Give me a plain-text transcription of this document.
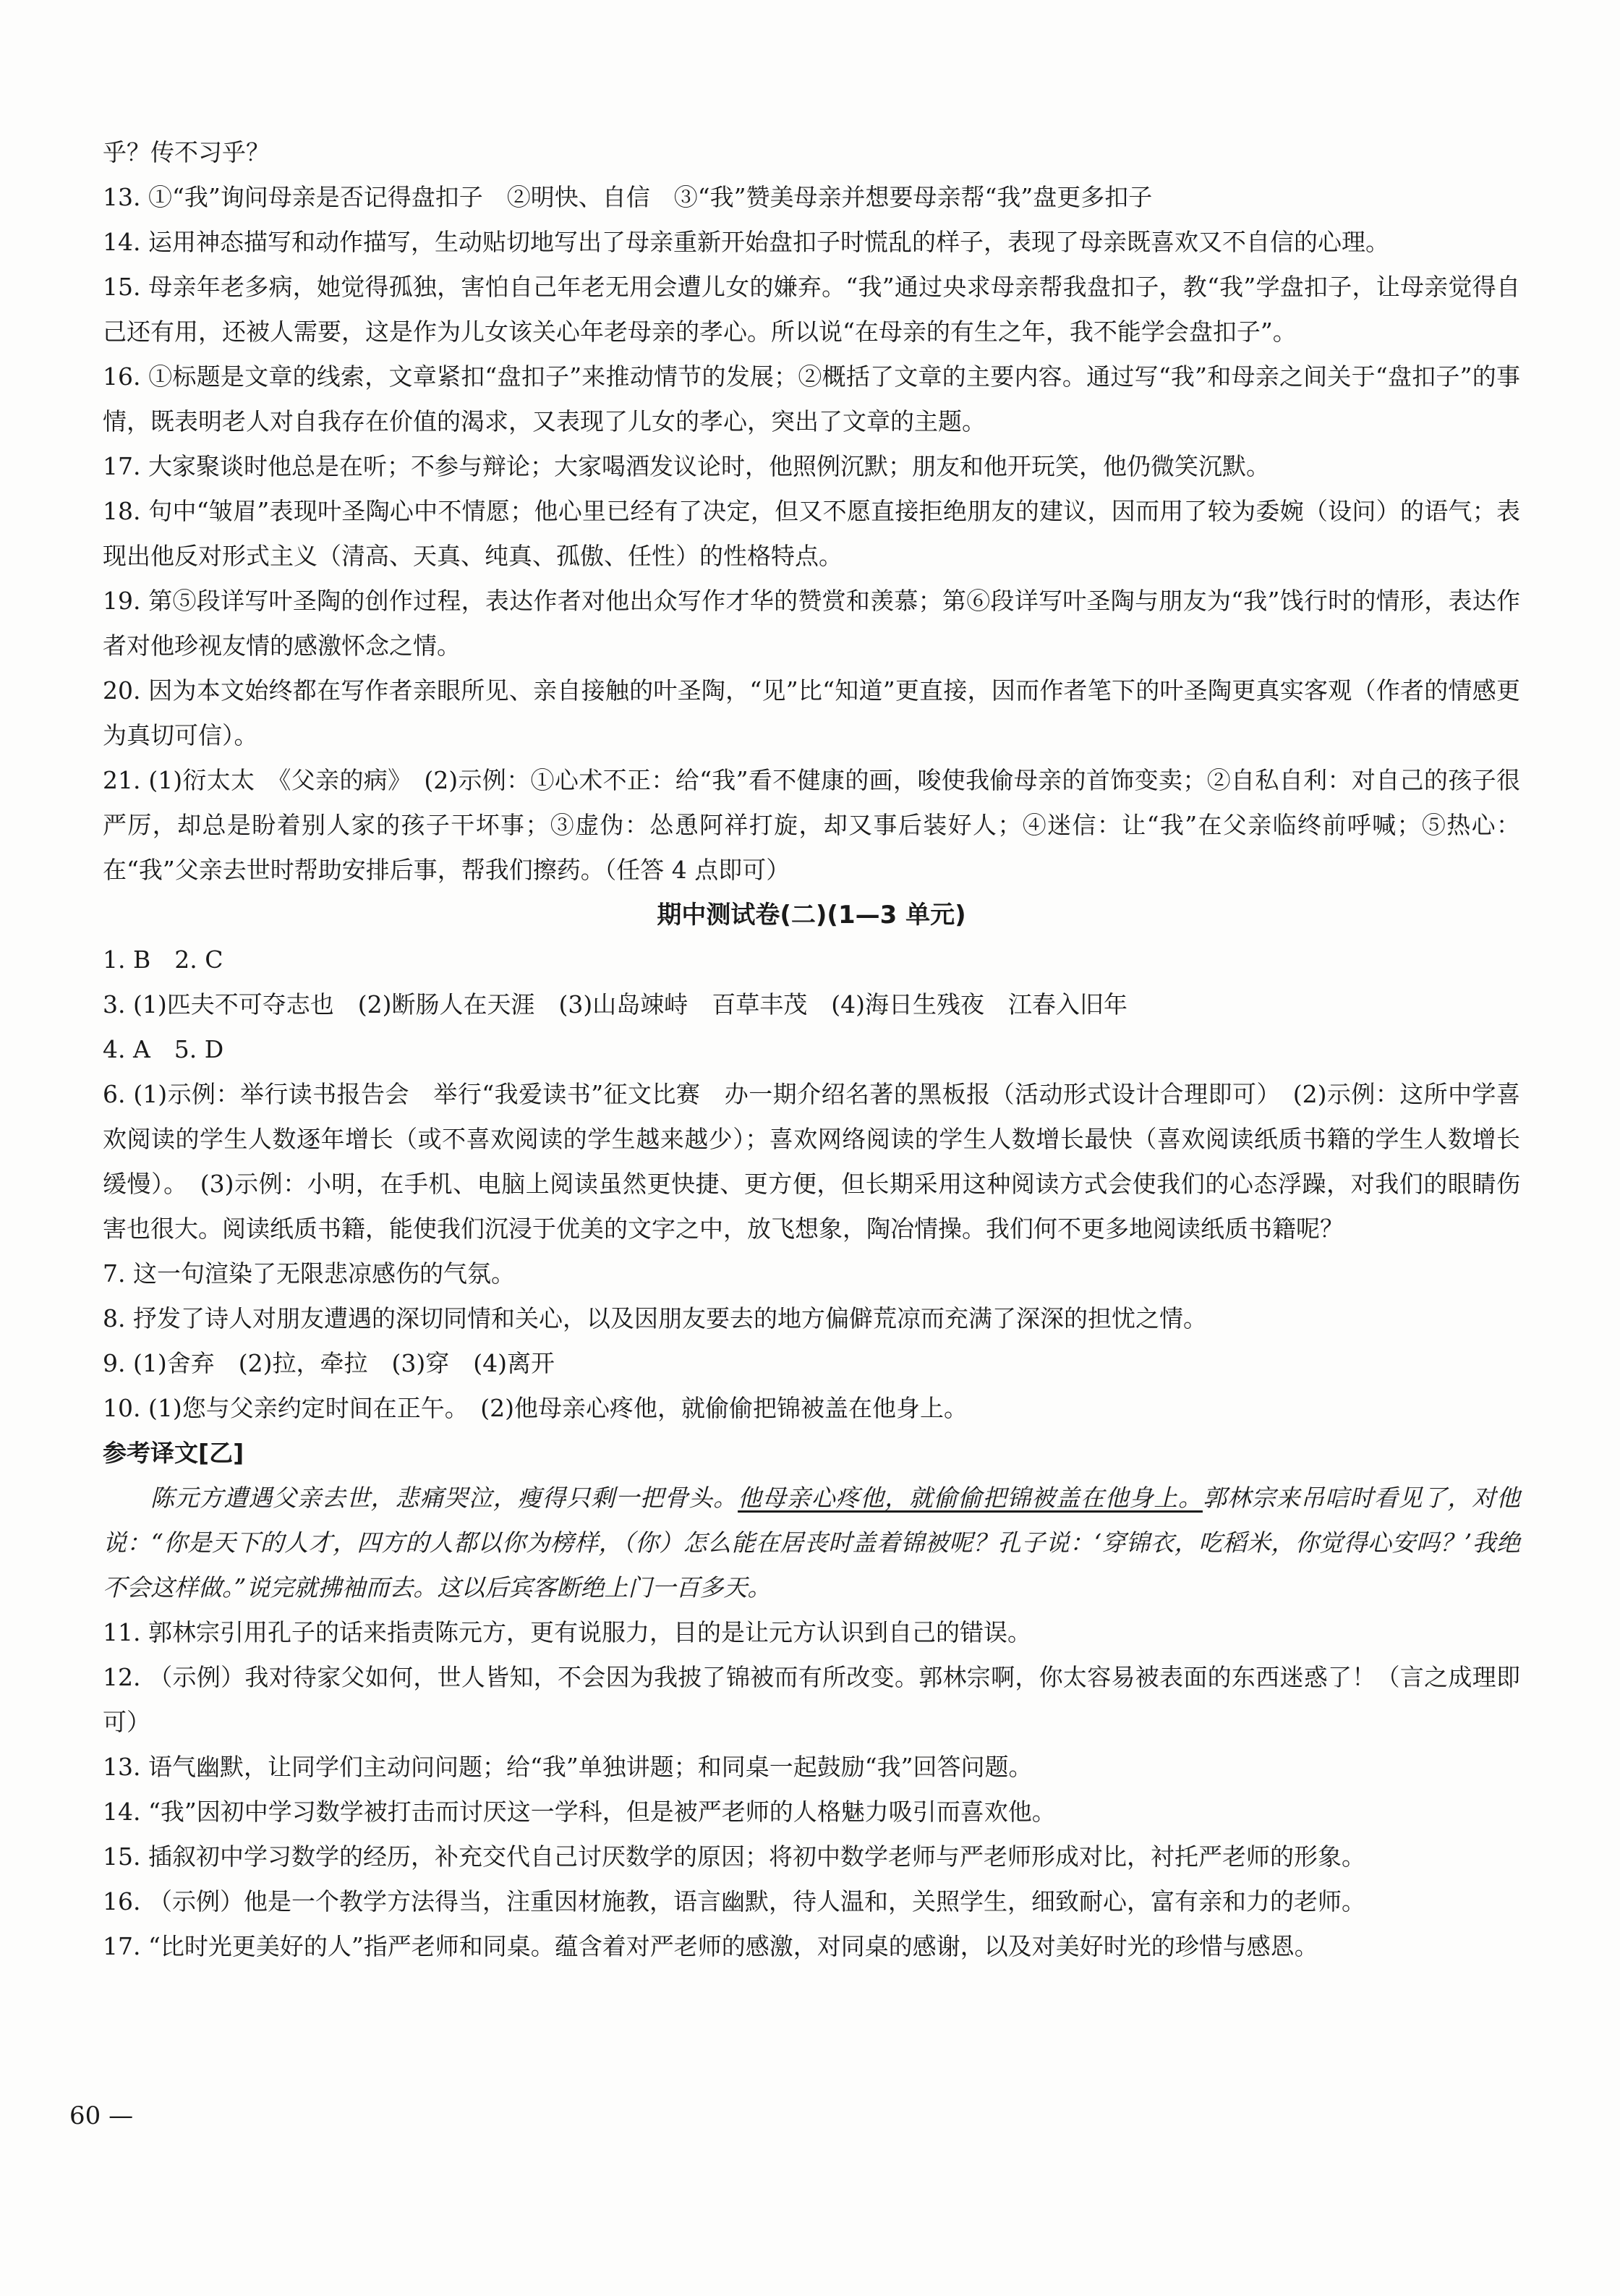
乎？传不习乎？

13. ①“我”询问母亲是否记得盘扣子　②明快、自信　③“我”赞美母亲并想要母亲帮“我”盘更多扣子

14. 运用神态描写和动作描写，生动贴切地写出了母亲重新开始盘扣子时慌乱的样子，表现了母亲既喜欢又不自信的心理。

15. 母亲年老多病，她觉得孤独，害怕自己年老无用会遭儿女的嫌弃。“我”通过央求母亲帮我盘扣子，教“我”学盘扣子，让母亲觉得自己还有用，还被人需要，这是作为儿女该关心年老母亲的孝心。所以说“在母亲的有生之年，我不能学会盘扣子”。

16. ①标题是文章的线索，文章紧扣“盘扣子”来推动情节的发展；②概括了文章的主要内容。通过写“我”和母亲之间关于“盘扣子”的事情，既表明老人对自我存在价值的渴求，又表现了儿女的孝心，突出了文章的主题。

17. 大家聚谈时他总是在听；不参与辩论；大家喝酒发议论时，他照例沉默；朋友和他开玩笑，他仍微笑沉默。

18. 句中“皱眉”表现叶圣陶心中不情愿；他心里已经有了决定，但又不愿直接拒绝朋友的建议，因而用了较为委婉（设问）的语气；表现出他反对形式主义（清高、天真、纯真、孤傲、任性）的性格特点。

19. 第⑤段详写叶圣陶的创作过程，表达作者对他出众写作才华的赞赏和羡慕；第⑥段详写叶圣陶与朋友为“我”饯行时的情形，表达作者对他珍视友情的感激怀念之情。

20. 因为本文始终都在写作者亲眼所见、亲自接触的叶圣陶，“见”比“知道”更直接，因而作者笔下的叶圣陶更真实客观（作者的情感更为真切可信）。

21. (1)衍太太　《父亲的病》　(2)示例：①心术不正：给“我”看不健康的画，唆使我偷母亲的首饰变卖；②自私自利：对自己的孩子很严厉，却总是盼着别人家的孩子干坏事；③虚伪：怂恿阿祥打旋，却又事后装好人；④迷信：让“我”在父亲临终前呼喊；⑤热心：在“我”父亲去世时帮助安排后事，帮我们擦药。（任答 4 点即可）

期中测试卷(二)(1—3 单元)

1. B　2. C

3. (1)匹夫不可夺志也　(2)断肠人在天涯　(3)山岛竦峙　百草丰茂　(4)海日生残夜　江春入旧年

4. A　5. D

6. (1)示例：举行读书报告会　举行“我爱读书”征文比赛　办一期介绍名著的黑板报（活动形式设计合理即可）　(2)示例：这所中学喜欢阅读的学生人数逐年增长（或不喜欢阅读的学生越来越少）；喜欢网络阅读的学生人数增长最快（喜欢阅读纸质书籍的学生人数增长缓慢）。　(3)示例：小明，在手机、电脑上阅读虽然更快捷、更方便，但长期采用这种阅读方式会使我们的心态浮躁，对我们的眼睛伤害也很大。阅读纸质书籍，能使我们沉浸于优美的文字之中，放飞想象，陶冶情操。我们何不更多地阅读纸质书籍呢？

7. 这一句渲染了无限悲凉感伤的气氛。

8. 抒发了诗人对朋友遭遇的深切同情和关心，以及因朋友要去的地方偏僻荒凉而充满了深深的担忧之情。

9. (1)舍弃　(2)拉，牵拉　(3)穿　(4)离开

10. (1)您与父亲约定时间在正午。　(2)他母亲心疼他，就偷偷把锦被盖在他身上。

参考译文[乙]

陈元方遭遇父亲去世，悲痛哭泣，瘦得只剩一把骨头。他母亲心疼他，就偷偷把锦被盖在他身上。郭林宗来吊唁时看见了，对他说：“你是天下的人才，四方的人都以你为榜样，（你）怎么能在居丧时盖着锦被呢？孔子说：‘穿锦衣，吃稻米，你觉得心安吗？’我绝不会这样做。”说完就拂袖而去。这以后宾客断绝上门一百多天。

11. 郭林宗引用孔子的话来指责陈元方，更有说服力，目的是让元方认识到自己的错误。

12. （示例）我对待家父如何，世人皆知，不会因为我披了锦被而有所改变。郭林宗啊，你太容易被表面的东西迷惑了！（言之成理即可）

13. 语气幽默，让同学们主动问问题；给“我”单独讲题；和同桌一起鼓励“我”回答问题。

14. “我”因初中学习数学被打击而讨厌这一学科，但是被严老师的人格魅力吸引而喜欢他。

15. 插叙初中学习数学的经历，补充交代自己讨厌数学的原因；将初中数学老师与严老师形成对比，衬托严老师的形象。

16. （示例）他是一个教学方法得当，注重因材施教，语言幽默，待人温和，关照学生，细致耐心，富有亲和力的老师。

17. “比时光更美好的人”指严老师和同桌。蕴含着对严老师的感激，对同桌的感谢，以及对美好时光的珍惜与感恩。

60 —
